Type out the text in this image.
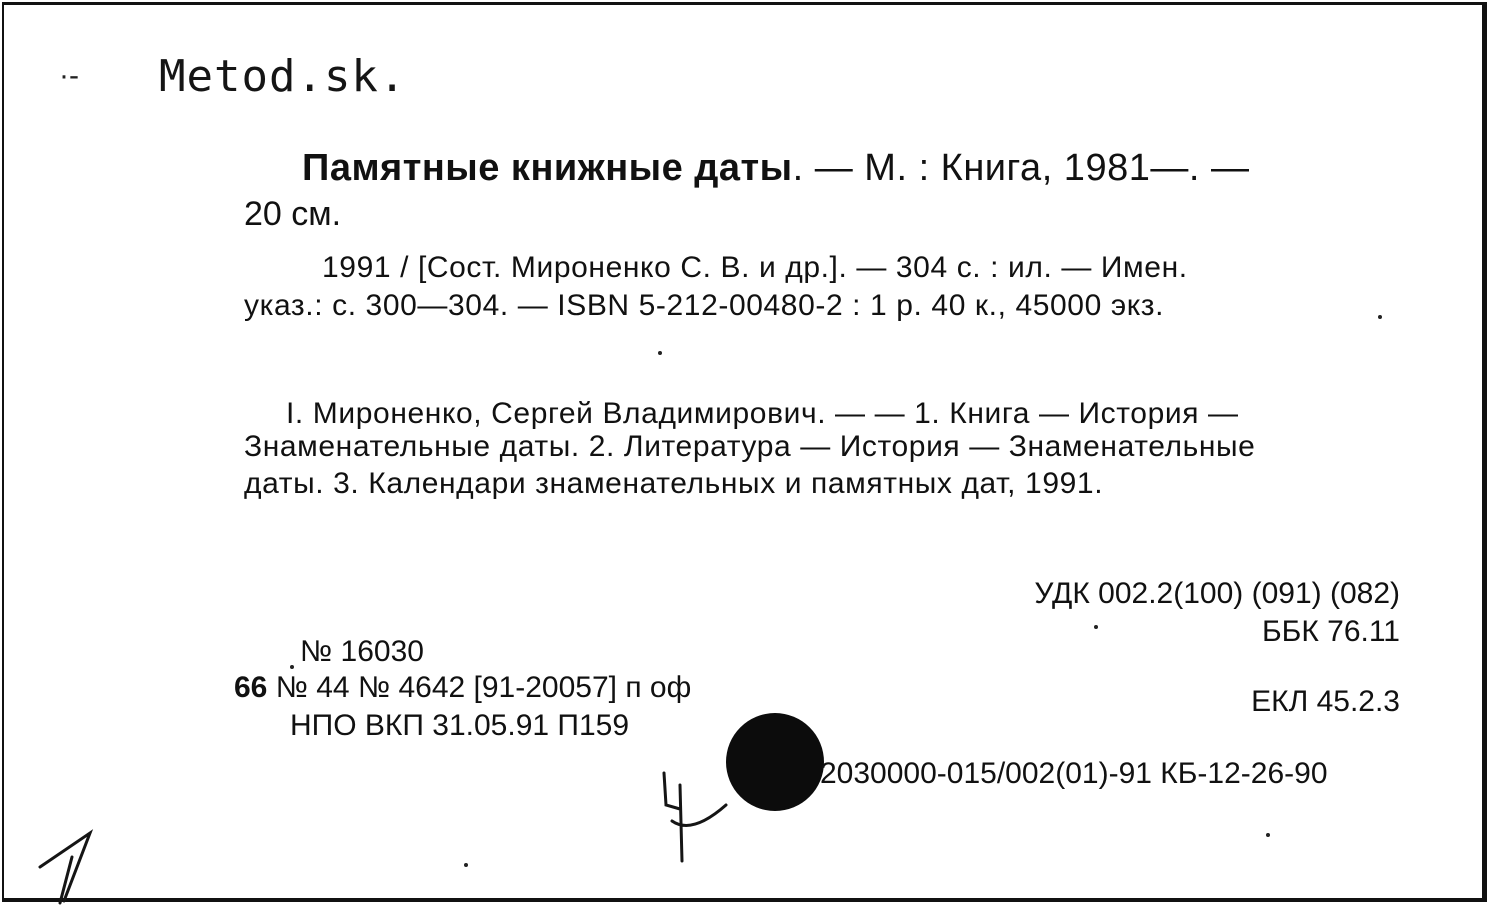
·- Metod.sk.
Памятные книжные даты. — М. : Книга, 1981—. —
20 см.
1991 / [Сост. Мироненко С. В. и др.]. — 304 с. : ил. — Имен.
указ.: с. 300—304. — ISBN 5-212-00480-2 : 1 р. 40 к., 45000 экз.
I. Мироненко, Сергей Владимирович. — — 1. Книга — История —
Знаменательные даты. 2. Литература — История — Знаменательные
даты. 3. Календари знаменательных и памятных дат, 1991.
УДК 002.2(100) (091) (082)
ББК 76.11
ЕКЛ 45.2.3
№ 16030
66 № 44 № 4642 [91-20057] п оф
НПО ВКП 31.05.91 П159
2030000-015/002(01)-91 КБ-12-26-90
